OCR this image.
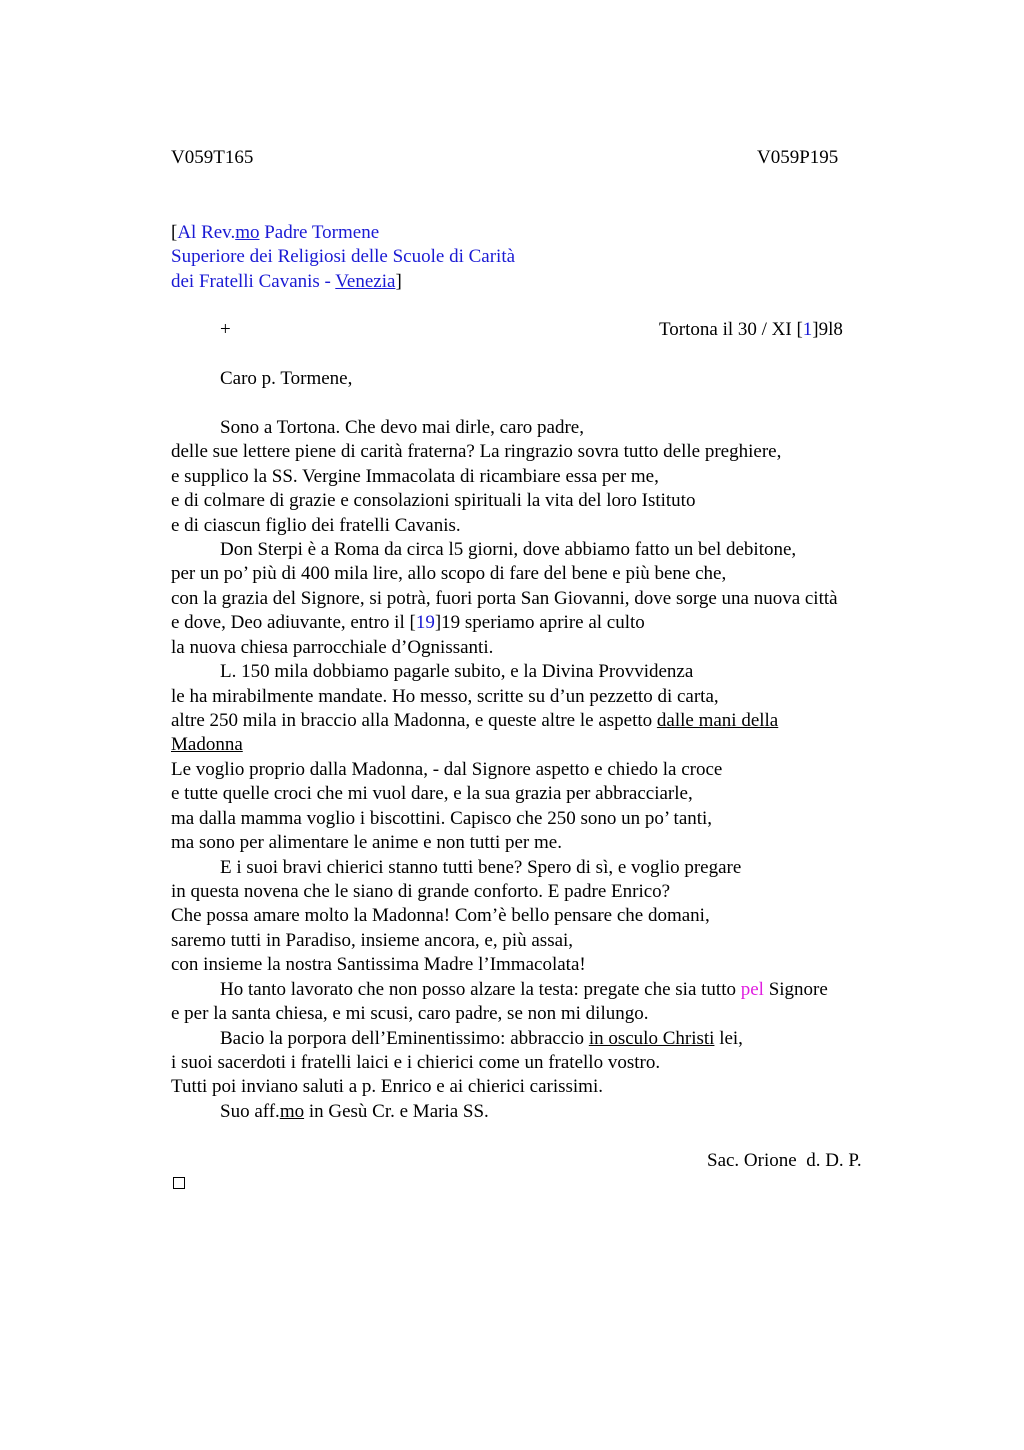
V059T165	V059P195
[Al Rev.mo Padre Tormene
Superiore dei Religiosi delle Scuole di Carità
dei Fratelli Cavanis - Venezia]
+	Tortona il 30 / XI [1]9l8
Caro p. Tormene,
Sono a Tortona. Che devo mai dirle, caro padre,
delle sue lettere piene di carità fraterna? La ringrazio sovra tutto delle preghiere,
e supplico la SS. Vergine Immacolata di ricambiare essa per me,
e di colmare di grazie e consolazioni spirituali la vita del loro Istituto
e di ciascun figlio dei fratelli Cavanis.
Don Sterpi è a Roma da circa l5 giorni, dove abbiamo fatto un bel debitone,
per un po’ più di 400 mila lire, allo scopo di fare del bene e più bene che,
con la grazia del Signore, si potrà, fuori porta San Giovanni, dove sorge una nuova città
e dove, Deo adiuvante, entro il [19]19 speriamo aprire al culto
la nuova chiesa parrocchiale d’Ognissanti.
L. 150 mila dobbiamo pagarle subito, e la Divina Provvidenza
le ha mirabilmente mandate. Ho messo, scritte su d’un pezzetto di carta,
altre 250 mila in braccio alla Madonna, e queste altre le aspetto dalle mani della
Madonna
Le voglio proprio dalla Madonna, - dal Signore aspetto e chiedo la croce
e tutte quelle croci che mi vuol dare, e la sua grazia per abbracciarle,
ma dalla mamma voglio i biscottini. Capisco che 250 sono un po’ tanti,
ma sono per alimentare le anime e non tutti per me.
E i suoi bravi chierici stanno tutti bene? Spero di sì, e voglio pregare
in questa novena che le siano di grande conforto. E padre Enrico?
Che possa amare molto la Madonna! Com’è bello pensare che domani,
saremo tutti in Paradiso, insieme ancora, e, più assai,
con insieme la nostra Santissima Madre l’Immacolata!
Ho tanto lavorato che non posso alzare la testa: pregate che sia tutto pel Signore
e per la santa chiesa, e mi scusi, caro padre, se non mi dilungo.
Bacio la porpora dell’Eminentissimo: abbraccio in osculo Christi lei,
i suoi sacerdoti i fratelli laici e i chierici come un fratello vostro.
Tutti poi inviano saluti a p. Enrico e ai chierici carissimi.
Suo aff.mo in Gesù Cr. e Maria SS.
Sac. Orione  d. D. P.
